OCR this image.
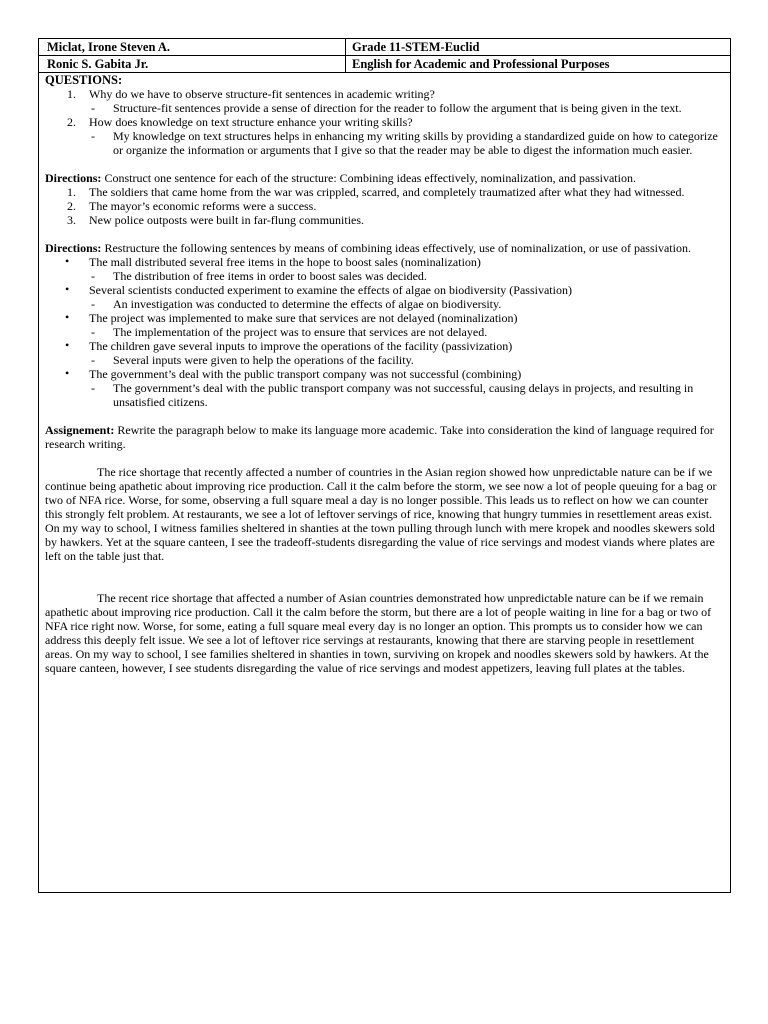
Miclat, Irone Steven A.	Grade 11-STEM-Euclid
Ronic S. Gabita Jr.	English for Academic and Professional Purposes

QUESTIONS:

1. Why do we have to observe structure-fit sentences in academic writing?
- Structure-fit sentences provide a sense of direction for the reader to follow the argument that is being given in the text.
2. How does knowledge on text structure enhance your writing skills?
- My knowledge on text structures helps in enhancing my writing skills by providing a standardized guide on how to categorize or organize the information or arguments that I give so that the reader may be able to digest the information much easier.

Directions: Construct one sentence for each of the structure: Combining ideas effectively, nominalization, and passivation.

1. The soldiers that came home from the war was crippled, scarred, and completely traumatized after what they had witnessed.
2. The mayor’s economic reforms were a success.
3. New police outposts were built in far-flung communities.

Directions: Restructure the following sentences by means of combining ideas effectively, use of nominalization, or use of passivation.

• The mall distributed several free items in the hope to boost sales (nominalization)
- The distribution of free items in order to boost sales was decided.
• Several scientists conducted experiment to examine the effects of algae on biodiversity (Passivation)
- An investigation was conducted to determine the effects of algae on biodiversity.
• The project was implemented to make sure that services are not delayed (nominalization)
- The implementation of the project was to ensure that services are not delayed.
• The children gave several inputs to improve the operations of the facility (passivization)
- Several inputs were given to help the operations of the facility.
• The government’s deal with the public transport company was not successful (combining)
- The government’s deal with the public transport company was not successful, causing delays in projects, and resulting in unsatisfied citizens.

Assignement: Rewrite the paragraph below to make its language more academic. Take into consideration the kind of language required for research writing.

The rice shortage that recently affected a number of countries in the Asian region showed how unpredictable nature can be if we continue being apathetic about improving rice production. Call it the calm before the storm, we see now a lot of people queuing for a bag or two of NFA rice. Worse, for some, observing a full square meal a day is no longer possible. This leads us to reflect on how we can counter this strongly felt problem. At restaurants, we see a lot of leftover servings of rice, knowing that hungry tummies in resettlement areas exist. On my way to school, I witness families sheltered in shanties at the town pulling through lunch with mere kropek and noodles skewers sold by hawkers. Yet at the square canteen, I see the tradeoff-students disregarding the value of rice servings and modest viands where plates are left on the table just that.

The recent rice shortage that affected a number of Asian countries demonstrated how unpredictable nature can be if we remain apathetic about improving rice production. Call it the calm before the storm, but there are a lot of people waiting in line for a bag or two of NFA rice right now. Worse, for some, eating a full square meal every day is no longer an option. This prompts us to consider how we can address this deeply felt issue. We see a lot of leftover rice servings at restaurants, knowing that there are starving people in resettlement areas. On my way to school, I see families sheltered in shanties in town, surviving on kropek and noodles skewers sold by hawkers. At the square canteen, however, I see students disregarding the value of rice servings and modest appetizers, leaving full plates at the tables.
